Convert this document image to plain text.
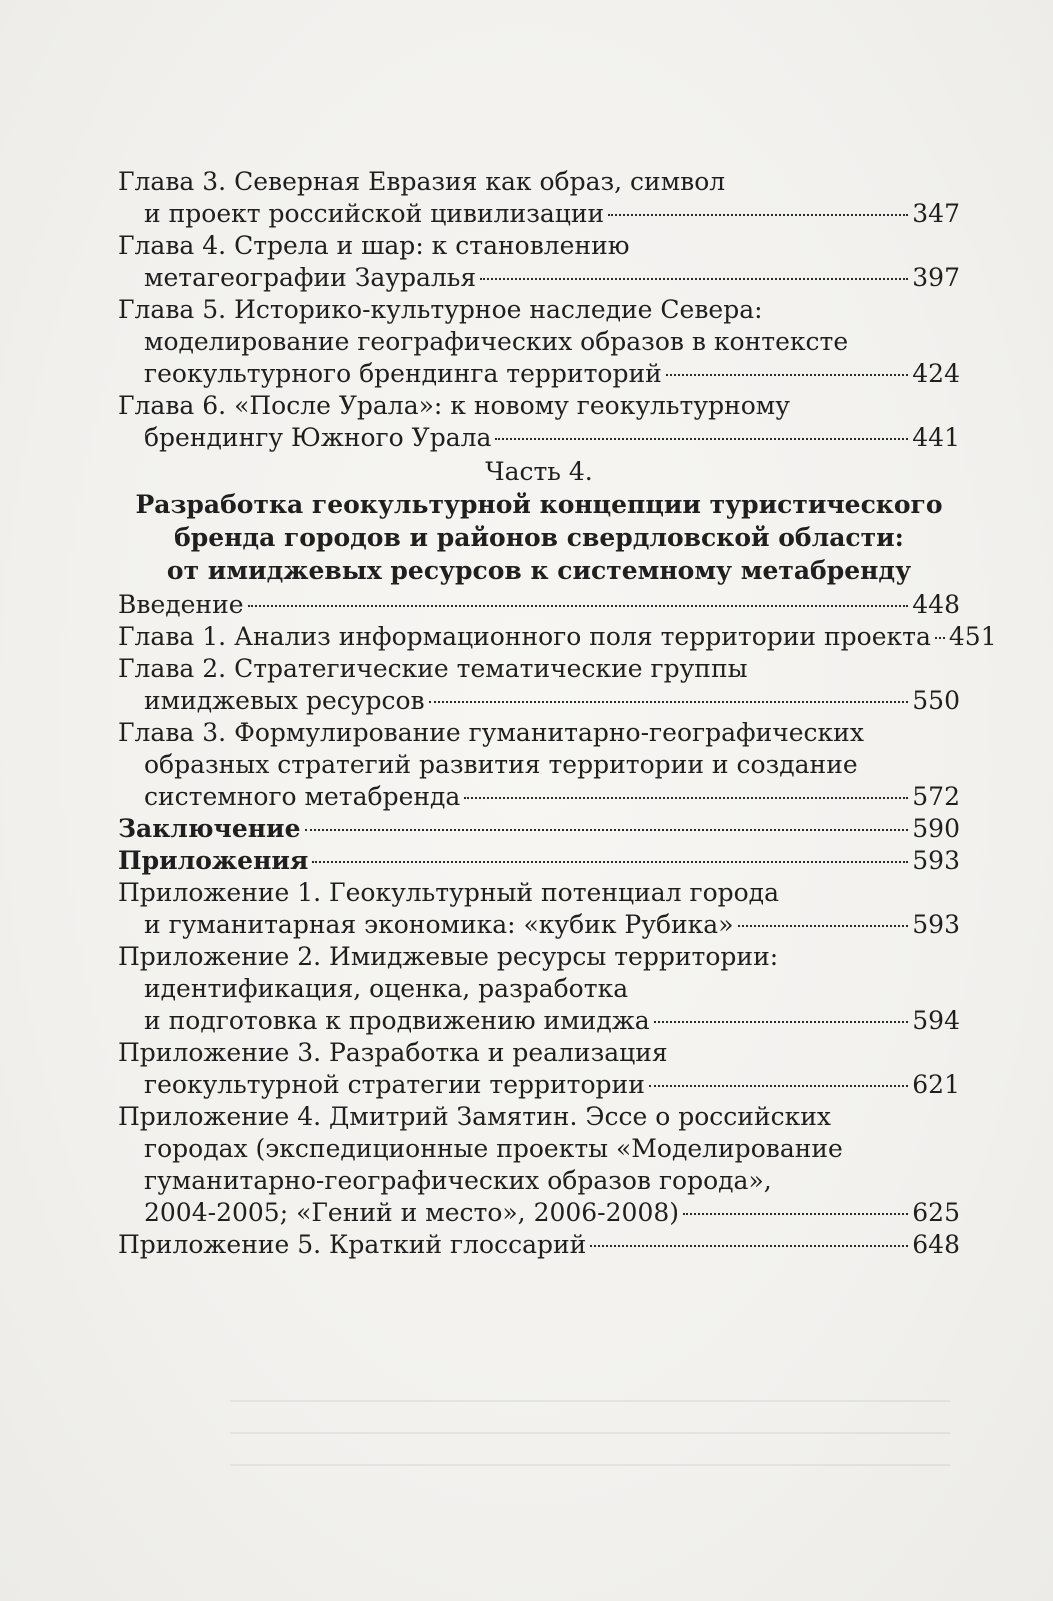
Глава 3. Северная Евразия как образ, символ
и проект российской цивилизации	347
Глава 4. Стрела и шар: к становлению
метагеографии Зауралья	397
Глава 5. Историко-культурное наследие Севера:
моделирование географических образов в контексте
геокультурного брендинга территорий	424
Глава 6. «После Урала»: к новому геокультурному
брендингу Южного Урала	441
Часть 4.
Разработка геокультурной концепции туристического
бренда городов и районов свердловской области:
от имиджевых ресурсов к системному метабренду
Введение	448
Глава 1. Анализ информационного поля территории проекта 451
Глава 2. Стратегические тематические группы
имиджевых ресурсов	550
Глава 3. Формулирование гуманитарно-географических
образных стратегий развития территории и создание
системного метабренда	572
Заключение	590
Приложения	593
Приложение 1. Геокультурный потенциал города
и гуманитарная экономика: «кубик Рубика»	593
Приложение 2. Имиджевые ресурсы территории:
идентификация, оценка, разработка
и подготовка к продвижению имиджа	594
Приложение 3. Разработка и реализация
геокультурной стратегии территории	621
Приложение 4. Дмитрий Замятин. Эссе о российских
городах (экспедиционные проекты «Моделирование
гуманитарно-географических образов города»,
2004-2005; «Гений и место», 2006-2008)	625
Приложение 5. Краткий глоссарий	648
